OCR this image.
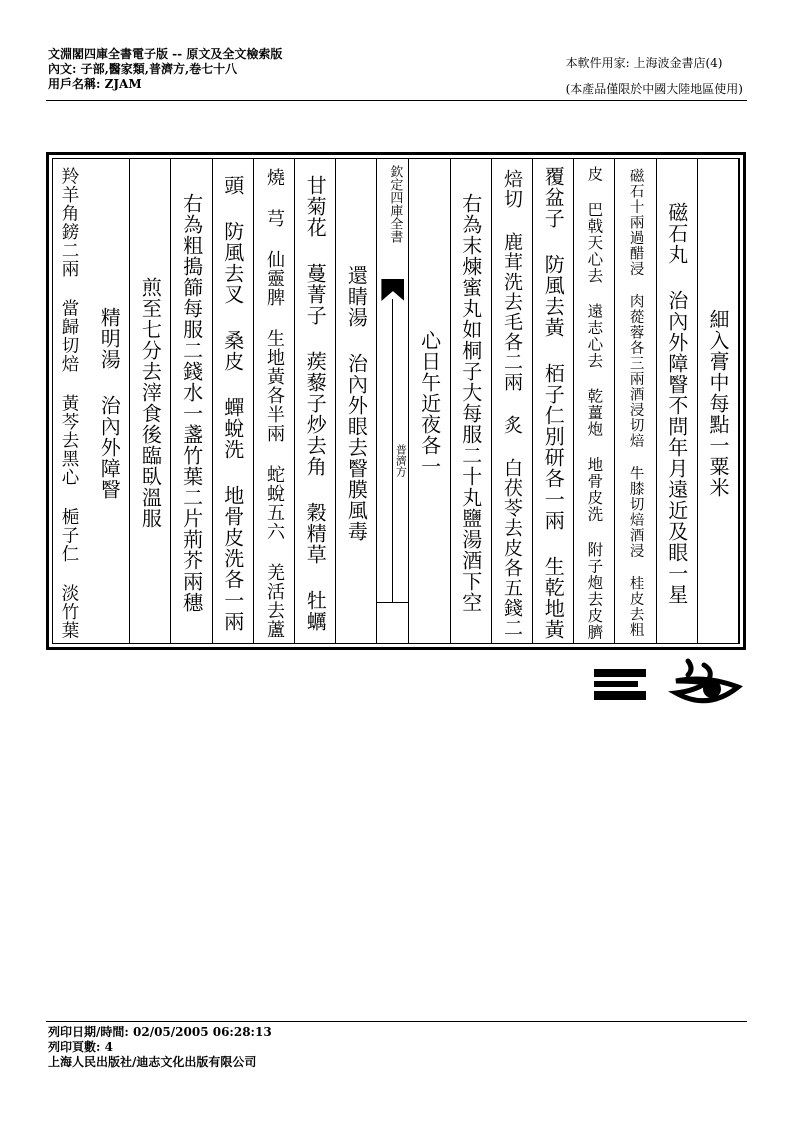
文淵閣四庫全書電子版 -- 原文及全文檢索版
內文: 子部,醫家類,普濟方,卷七十八
用戶名稱: ZJAM
本軟件用家: 上海波金書店(4)
(本產品僅限於中國大陸地區使用)
細入膏中每點一粟米
磁石丸 治內外障瞖不問年月遠近及眼一星
磁石十兩過醋浸 肉蓯蓉各三兩酒浸切焙 牛膝切焙酒浸 桂皮去粗
皮 巴戟天心去 遠志心去 乾薑炮 地骨皮洗 附子炮去皮臍
覆盆子 防風去黃 栢子仁別研各一兩 生乾地黃
焙切 鹿茸洗去毛各二兩 炙 白茯苓去皮各五錢二
右為末煉蜜丸如桐子大每服二十丸鹽湯酒下空
心日午近夜各一
欽定四庫全書
普濟方
還睛湯 治內外眼去瞖膜風毒
甘菊花 蔓菁子 蒺藜子炒去角 穀精草 牡蠣
燒 芎 仙靈脾 生地黃各半兩 蛇蛻五六 羌活去蘆
頭 防風去叉 桑皮 蟬蛻洗 地骨皮洗各一兩
右為粗搗篩每服二錢水一盞竹葉二片荊芥兩穗
煎至七分去滓食後臨臥溫服
精明湯 治內外障瞖
羚羊角鎊二兩 當歸切焙 黃芩去黑心 梔子仁 淡竹葉
列印日期/時間: 02/05/2005 06:28:13
列印頁數: 4
上海人民出版社/迪志文化出版有限公司
